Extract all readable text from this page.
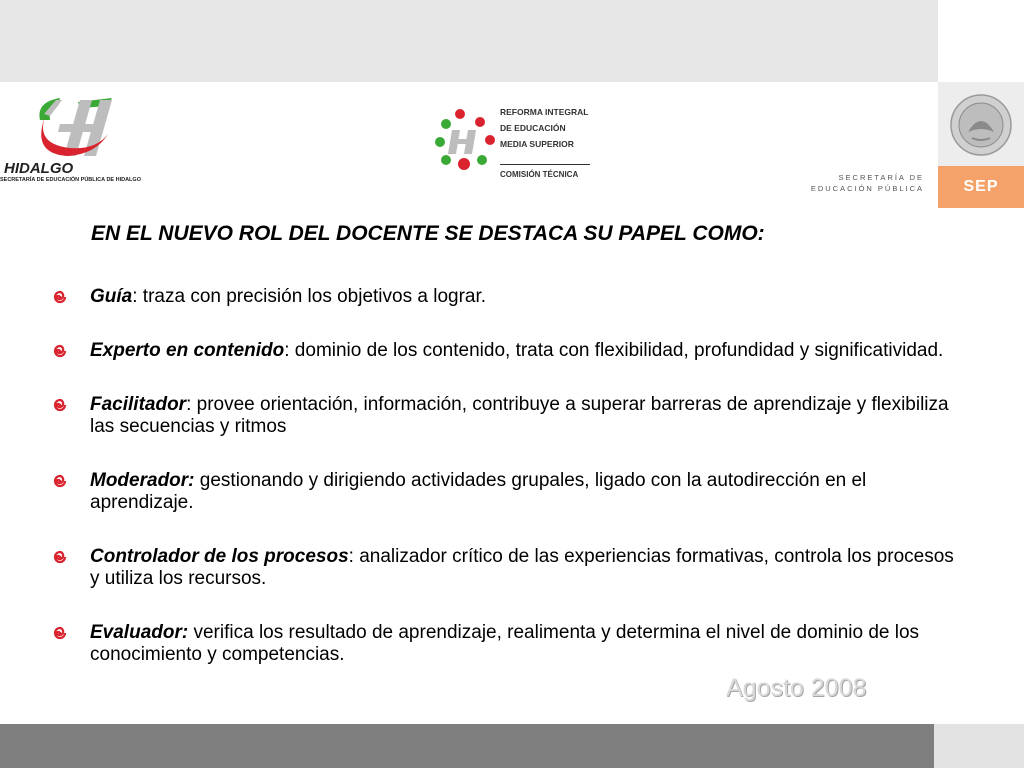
SECRETARÍA DE
EDUCACIÓN PÚBLICA SEP
HIDALGO
SECRETARÍA DE EDUCACIÓN PÚBLICA DE HIDALGO
REFORMA INTEGRAL
DE EDUCACIÓN
MEDIA SUPERIOR
COMISIÓN TÉCNICA
EN EL NUEVO ROL DEL DOCENTE SE DESTACA SU PAPEL COMO:
Guía: traza con precisión los objetivos a lograr.
Experto en contenido: dominio de los contenido, trata con flexibilidad, profundidad y significatividad.
Facilitador: provee orientación, información, contribuye a superar barreras de aprendizaje y flexibiliza las secuencias y ritmos
Moderador: gestionando y dirigiendo actividades grupales, ligado con la autodirección en el aprendizaje.
Controlador de los procesos: analizador crítico de las experiencias formativas, controla los procesos y utiliza los recursos.
Evaluador: verifica los resultado de aprendizaje, realimenta y determina el nivel de dominio de los conocimiento y competencias.
Agosto 2008
